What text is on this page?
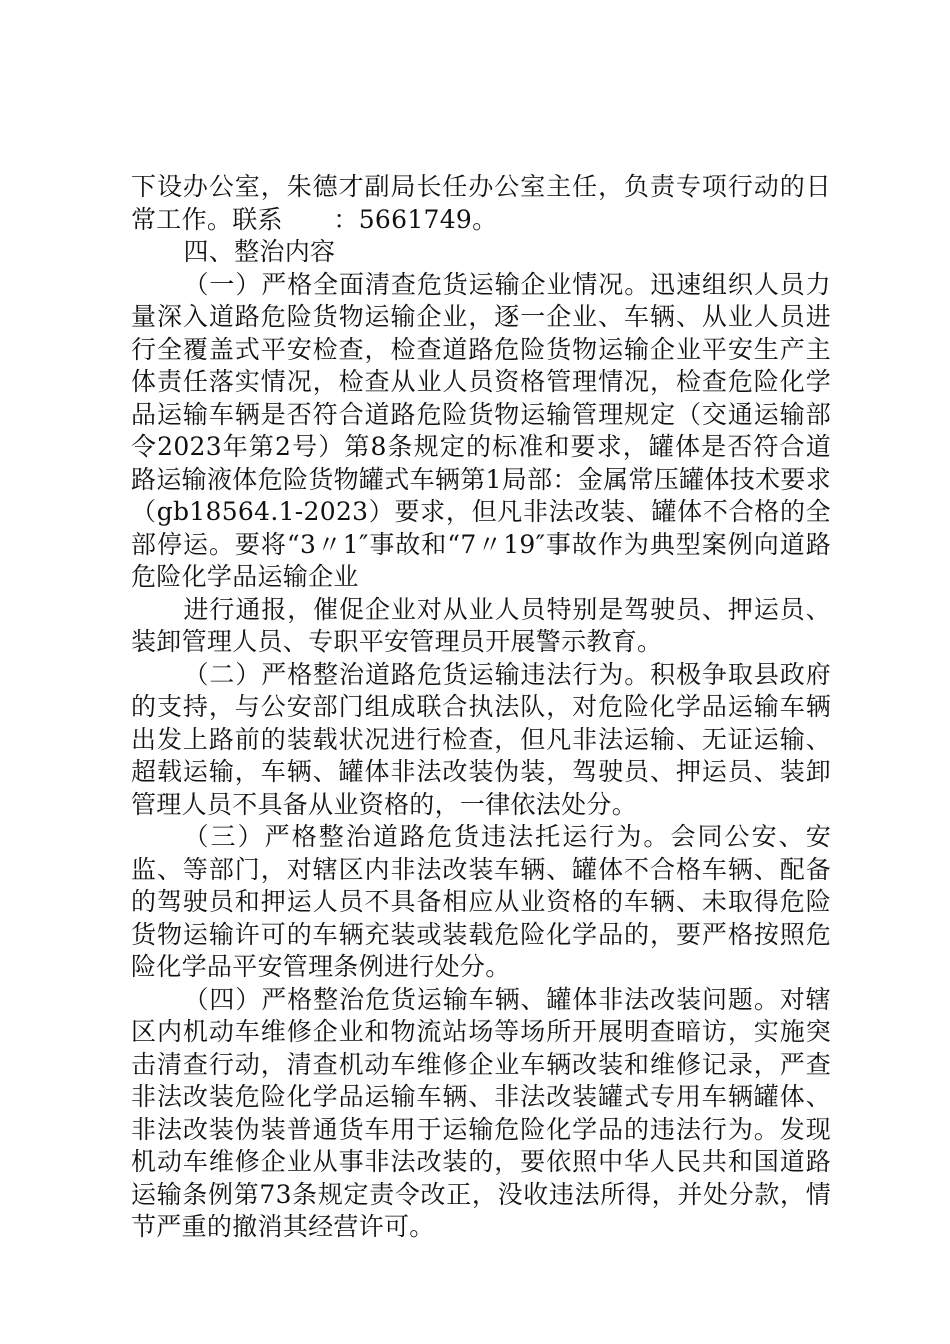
下设办公室，朱德才副局长任办公室主任，负责专项行动的日常工作。联系　　：5661749。

四、整治内容

（一）严格全面清查危货运输企业情况。迅速组织人员力量深入道路危险货物运输企业，逐一企业、车辆、从业人员进行全覆盖式平安检查，检查道路危险货物运输企业平安生产主体责任落实情况，检查从业人员资格管理情况，检查危险化学品运输车辆是否符合道路危险货物运输管理规定（交通运输部令2023年第2号）第8条规定的标准和要求，罐体是否符合道路运输液体危险货物罐式车辆第1局部：金属常压罐体技术要求（gb18564.1-2023）要求，但凡非法改装、罐体不合格的全部停运。要将“3〃1″事故和“7〃19″事故作为典型案例向道路危险化学品运输企业

进行通报，催促企业对从业人员特别是驾驶员、押运员、装卸管理人员、专职平安管理员开展警示教育。

（二）严格整治道路危货运输违法行为。积极争取县政府的支持，与公安部门组成联合执法队，对危险化学品运输车辆出发上路前的装载状况进行检查，但凡非法运输、无证运输、超载运输，车辆、罐体非法改装伪装，驾驶员、押运员、装卸管理人员不具备从业资格的，一律依法处分。

（三）严格整治道路危货违法托运行为。会同公安、安监、等部门，对辖区内非法改装车辆、罐体不合格车辆、配备的驾驶员和押运人员不具备相应从业资格的车辆、未取得危险货物运输许可的车辆充装或装载危险化学品的，要严格按照危险化学品平安管理条例进行处分。

（四）严格整治危货运输车辆、罐体非法改装问题。对辖区内机动车维修企业和物流站场等场所开展明查暗访，实施突击清查行动，清查机动车维修企业车辆改装和维修记录，严查非法改装危险化学品运输车辆、非法改装罐式专用车辆罐体、非法改装伪装普通货车用于运输危险化学品的违法行为。发现机动车维修企业从事非法改装的，要依照中华人民共和国道路运输条例第73条规定责令改正，没收违法所得，并处分款，情节严重的撤消其经营许可。
